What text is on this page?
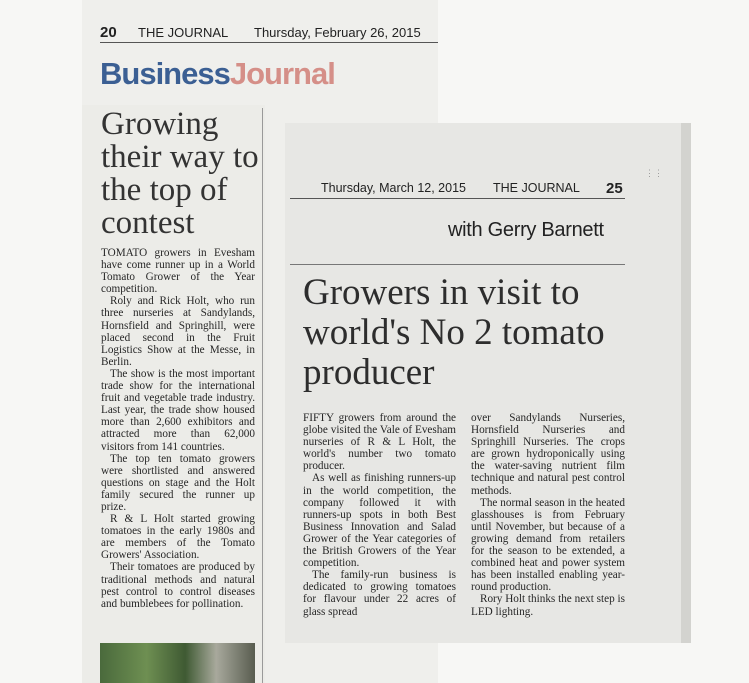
20 THE JOURNAL Thursday, February 26, 2015
BusinessJournal
Growing their way to the top of contest

TOMATO growers in Evesham have come runner up in a World Tomato Grower of the Year competition.

Roly and Rick Holt, who run three nurseries at Sandylands, Hornsfield and Springhill, were placed second in the Fruit Logistics Show at the Messe, in Berlin.

The show is the most important trade show for the international fruit and vegetable trade industry. Last year, the trade show housed more than 2,600 exhibitors and attracted more than 62,000 visitors from 141 countries.

The top ten tomato growers were shortlisted and answered questions on stage and the Holt family secured the runner up prize.

R & L Holt started growing tomatoes in the early 1980s and are members of the Tomato Growers' Association.

Their tomatoes are produced by traditional methods and natural pest control to control diseases and bumblebees for pollination.

⋮⋮
Thursday, March 12, 2015 THE JOURNAL 25
with Gerry Barnett
Growers in visit to world's No 2 tomato producer

FIFTY growers from around the globe visited the Vale of Evesham nurseries of R & L Holt, the world's number two tomato producer.

As well as finishing runners-up in the world competition, the company followed it with runners-up spots in both Best Business Innovation and Salad Grower of the Year categories of the British Growers of the Year competition.

The family-run business is dedicated to growing tomatoes for flavour under 22 acres of glass spread

over Sandylands Nurseries, Hornsfield Nurseries and Springhill Nurseries. The crops are grown hydroponically using the water-saving nutrient film technique and natural pest control methods.

The normal season in the heated glasshouses is from February until November, but because of a growing demand from retailers for the season to be extended, a combined heat and power system has been installed enabling year-round production.

Rory Holt thinks the next step is LED lighting.
